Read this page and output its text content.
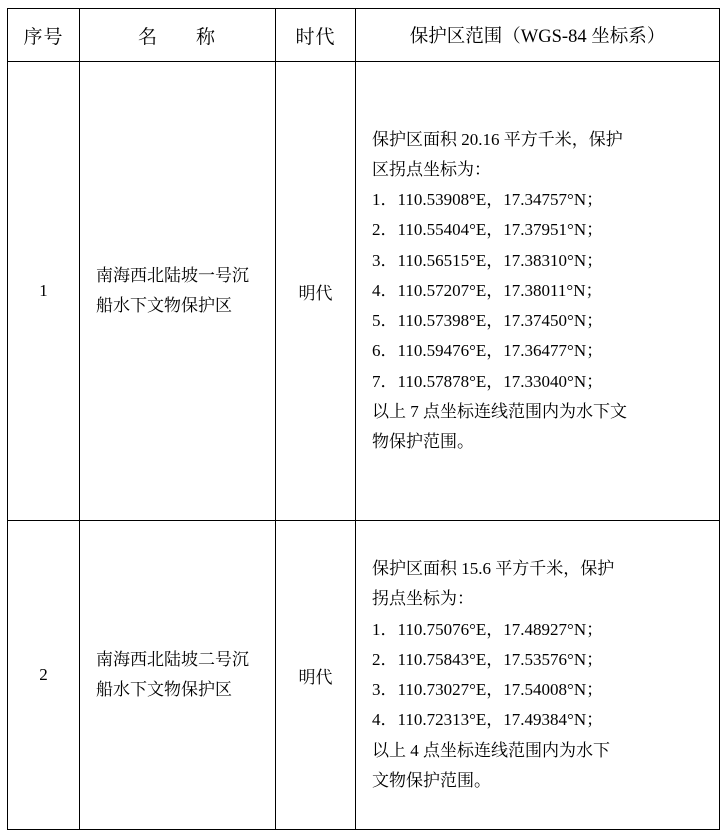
序号	名　称	时代	保护区范围（WGS-84 坐标系）
1	南海西北陆坡一号沉船水下文物保护区	明代	
保护区面积 20.16 平方千米，保护
区拐点坐标为：
1．110.53908°E，17.34757°N；
2．110.55404°E，17.37951°N；
3．110.56515°E，17.38310°N；
4．110.57207°E，17.38011°N；
5．110.57398°E，17.37450°N；
6．110.59476°E，17.36477°N；
7．110.57878°E，17.33040°N；
以上 7 点坐标连线范围内为水下文
物保护范围。

2	南海西北陆坡二号沉船水下文物保护区	明代	
保护区面积 15.6 平方千米，保护
拐点坐标为：
1．110.75076°E，17.48927°N；
2．110.75843°E，17.53576°N；
3．110.73027°E，17.54008°N；
4．110.72313°E，17.49384°N；
以上 4 点坐标连线范围内为水下
文物保护范围。
